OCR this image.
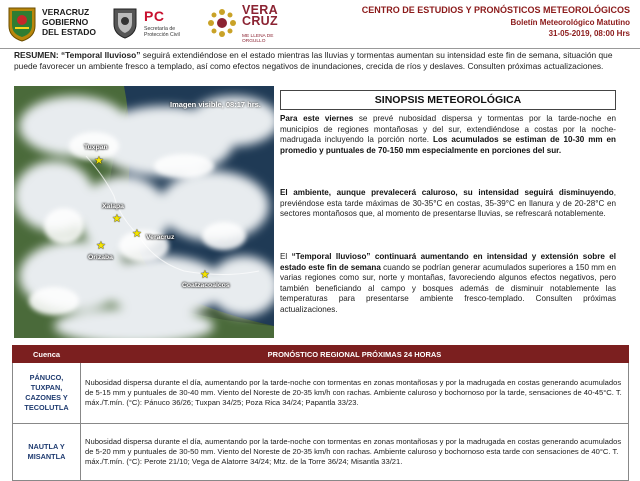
VERACRUZ GOBIERNO DEL ESTADO
PC
Secretaría de Protección Civil
VERA CRUZ
ME LLENA DE ORGULLO
CENTRO DE ESTUDIOS Y PRONÓSTICOS METEOROLÓGICOS
Boletín Meteorológico Matutino
31-05-2019, 08:00 Hrs
RESUMEN: “Temporal lluvioso” seguirá extendiéndose en el estado mientras las lluvias y tormentas aumentan su intensidad este fin de semana, situación que puede favorecer un ambiente fresco a templado, así como efectos negativos de inundaciones, crecida de ríos y deslaves. Consulten próximas actualizaciones.
Imagen visible, 08:17 hrs.
★
Tuxpan
★
Xalapa
★ Veracruz
★
Orizaba
★
Coatzacoalcos
SINOPSIS METEOROLÓGICA
Para este viernes se prevé nubosidad dispersa y tormentas por la tarde-noche en municipios de regiones montañosas y del sur, extendiéndose a costas por la noche-madrugada incluyendo la porción norte. Los acumulados se estiman de 10-30 mm en promedio y puntuales de 70-150 mm especialmente en porciones del sur.
El ambiente, aunque prevalecerá caluroso, su intensidad seguirá disminuyendo, previéndose esta tarde máximas de 30-35°C en costas, 35-39°C en llanura y de 20-28°C en sectores montañosos que, al momento de presentarse lluvias, se refrescará notablemente.
El “Temporal lluvioso” continuará aumentando en intensidad y extensión sobre el estado este fin de semana cuando se podrían generar acumulados superiores a 150 mm en varias regiones como sur, norte y montañas, favoreciendo algunos efectos negativos, pero también beneficiando al campo y bosques además de disminuir notablemente las temperaturas para presentarse ambiente fresco-templado. Consulten próximas actualizaciones.
Cuenca	PRONÓSTICO REGIONAL PRÓXIMAS 24 HORAS
PÁNUCO, TUXPAN, CAZONES Y TECOLUTLA	Nubosidad dispersa durante el día, aumentando por la tarde-noche con tormentas en zonas montañosas y por la madrugada en costas generando acumulados de 5-15 mm y puntuales de 30-40 mm. Viento del Noreste de 20-35 km/h con rachas. Ambiente caluroso y bochornoso por la tarde, sensaciones de 40-45°C. T. máx./T.mín. (°C): Pánuco 36/26; Tuxpan 34/25; Poza Rica 34/24; Papantla 33/23.
NAUTLA Y MISANTLA	Nubosidad dispersa durante el día, aumentando por la tarde-noche con tormentas en zonas montañosas y por la madrugada en costas generando acumulados de 5-20 mm y puntuales de 30-50 mm. Viento del Noreste de 20-35 km/h con rachas. Ambiente caluroso y bochornoso esta tarde con sensaciones de 40°C. T. máx./T.mín. (°C): Perote 21/10; Vega de Alatorre 34/24; Mtz. de la Torre 36/24; Misantla 33/21.
